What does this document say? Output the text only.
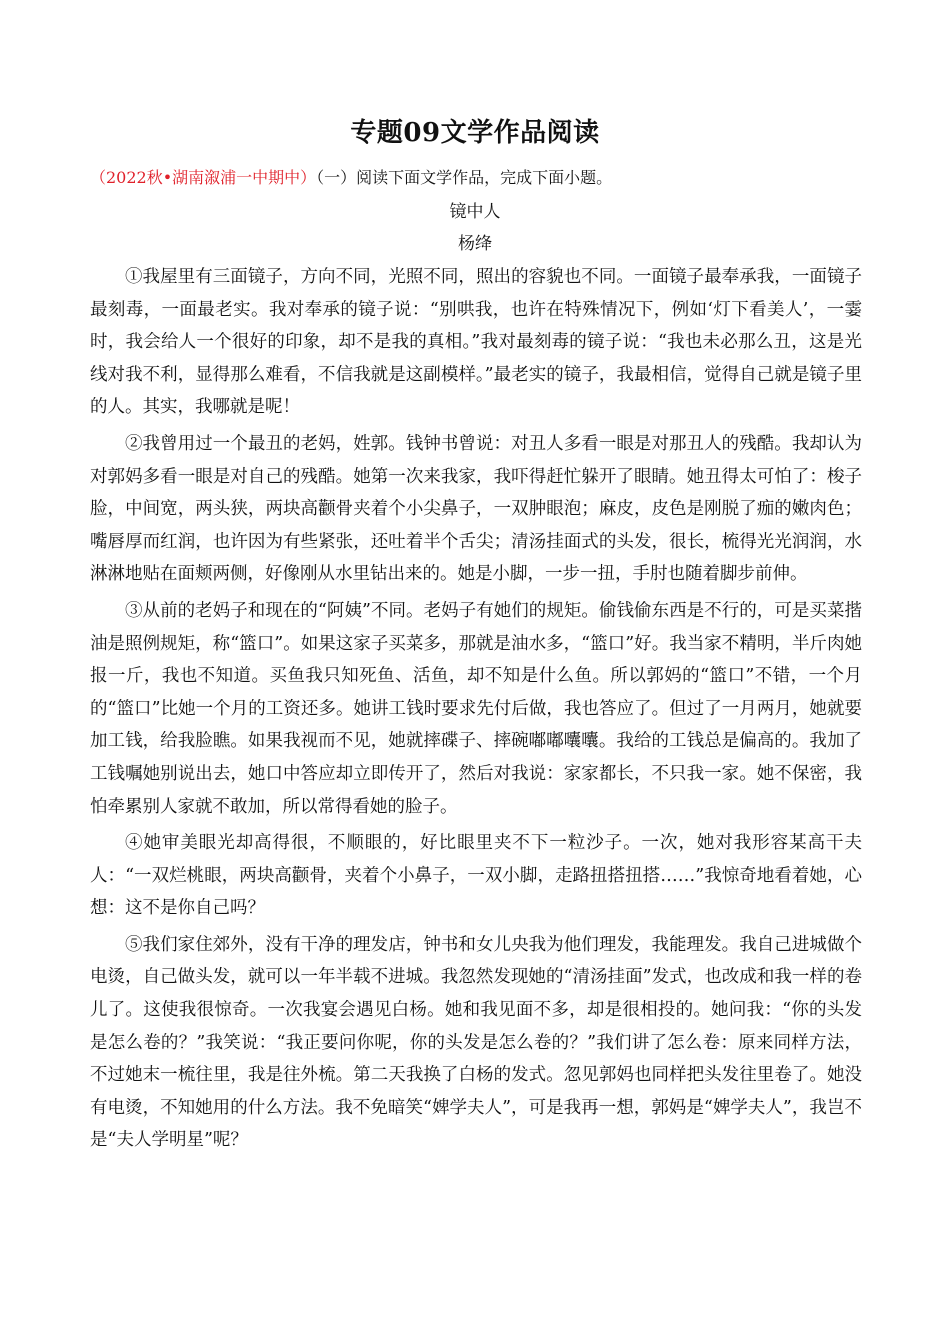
专题09文学作品阅读
（2022秋•湖南溆浦一中期中）（一）阅读下面文学作品，完成下面小题。
镜中人
杨绛

①我屋里有三面镜子，方向不同，光照不同，照出的容貌也不同。一面镜子最奉承我，一面镜子最刻毒，一面最老实。我对奉承的镜子说：“别哄我，也许在特殊情况下，例如‘灯下看美人’，一霎时，我会给人一个很好的印象，却不是我的真相。”我对最刻毒的镜子说：“我也未必那么丑，这是光线对我不利，显得那么难看，不信我就是这副模样。”最老实的镜子，我最相信，觉得自己就是镜子里的人。其实，我哪就是呢！

②我曾用过一个最丑的老妈，姓郭。钱钟书曾说：对丑人多看一眼是对那丑人的残酷。我却认为对郭妈多看一眼是对自己的残酷。她第一次来我家，我吓得赶忙躲开了眼睛。她丑得太可怕了：梭子脸，中间宽，两头狭，两块高颧骨夹着个小尖鼻子，一双肿眼泡；麻皮，皮色是刚脱了痂的嫩肉色；嘴唇厚而红润，也许因为有些紧张，还吐着半个舌尖；清汤挂面式的头发，很长，梳得光光润润，水淋淋地贴在面颊两侧，好像刚从水里钻出来的。她是小脚，一步一扭，手肘也随着脚步前伸。

③从前的老妈子和现在的“阿姨”不同。老妈子有她们的规矩。偷钱偷东西是不行的，可是买菜揩油是照例规矩，称“篮口”。如果这家子买菜多，那就是油水多，“篮口”好。我当家不精明，半斤肉她报一斤，我也不知道。买鱼我只知死鱼、活鱼，却不知是什么鱼。所以郭妈的“篮口”不错，一个月的“篮口”比她一个月的工资还多。她讲工钱时要求先付后做，我也答应了。但过了一月两月，她就要加工钱，给我脸瞧。如果我视而不见，她就摔碟子、摔碗嘟嘟囔囔。我给的工钱总是偏高的。我加了工钱嘱她别说出去，她口中答应却立即传开了，然后对我说：家家都长，不只我一家。她不保密，我怕牵累别人家就不敢加，所以常得看她的脸子。

④她审美眼光却高得很，不顺眼的，好比眼里夹不下一粒沙子。一次，她对我形容某高干夫人：“一双烂桃眼，两块高颧骨，夹着个小鼻子，一双小脚，走路扭搭扭搭……”我惊奇地看着她，心想：这不是你自己吗？

⑤我们家住郊外，没有干净的理发店，钟书和女儿央我为他们理发，我能理发。我自己进城做个电烫，自己做头发，就可以一年半载不进城。我忽然发现她的“清汤挂面”发式，也改成和我一样的卷儿了。这使我很惊奇。一次我宴会遇见白杨。她和我见面不多，却是很相投的。她问我：“你的头发是怎么卷的？”我笑说：“我正要问你呢，你的头发是怎么卷的？”我们讲了怎么卷：原来同样方法，不过她末一梳往里，我是往外梳。第二天我换了白杨的发式。忽见郭妈也同样把头发往里卷了。她没有电烫，不知她用的什么方法。我不免暗笑“婢学夫人”，可是我再一想，郭妈是“婢学夫人”，我岂不是“夫人学明星”呢？
